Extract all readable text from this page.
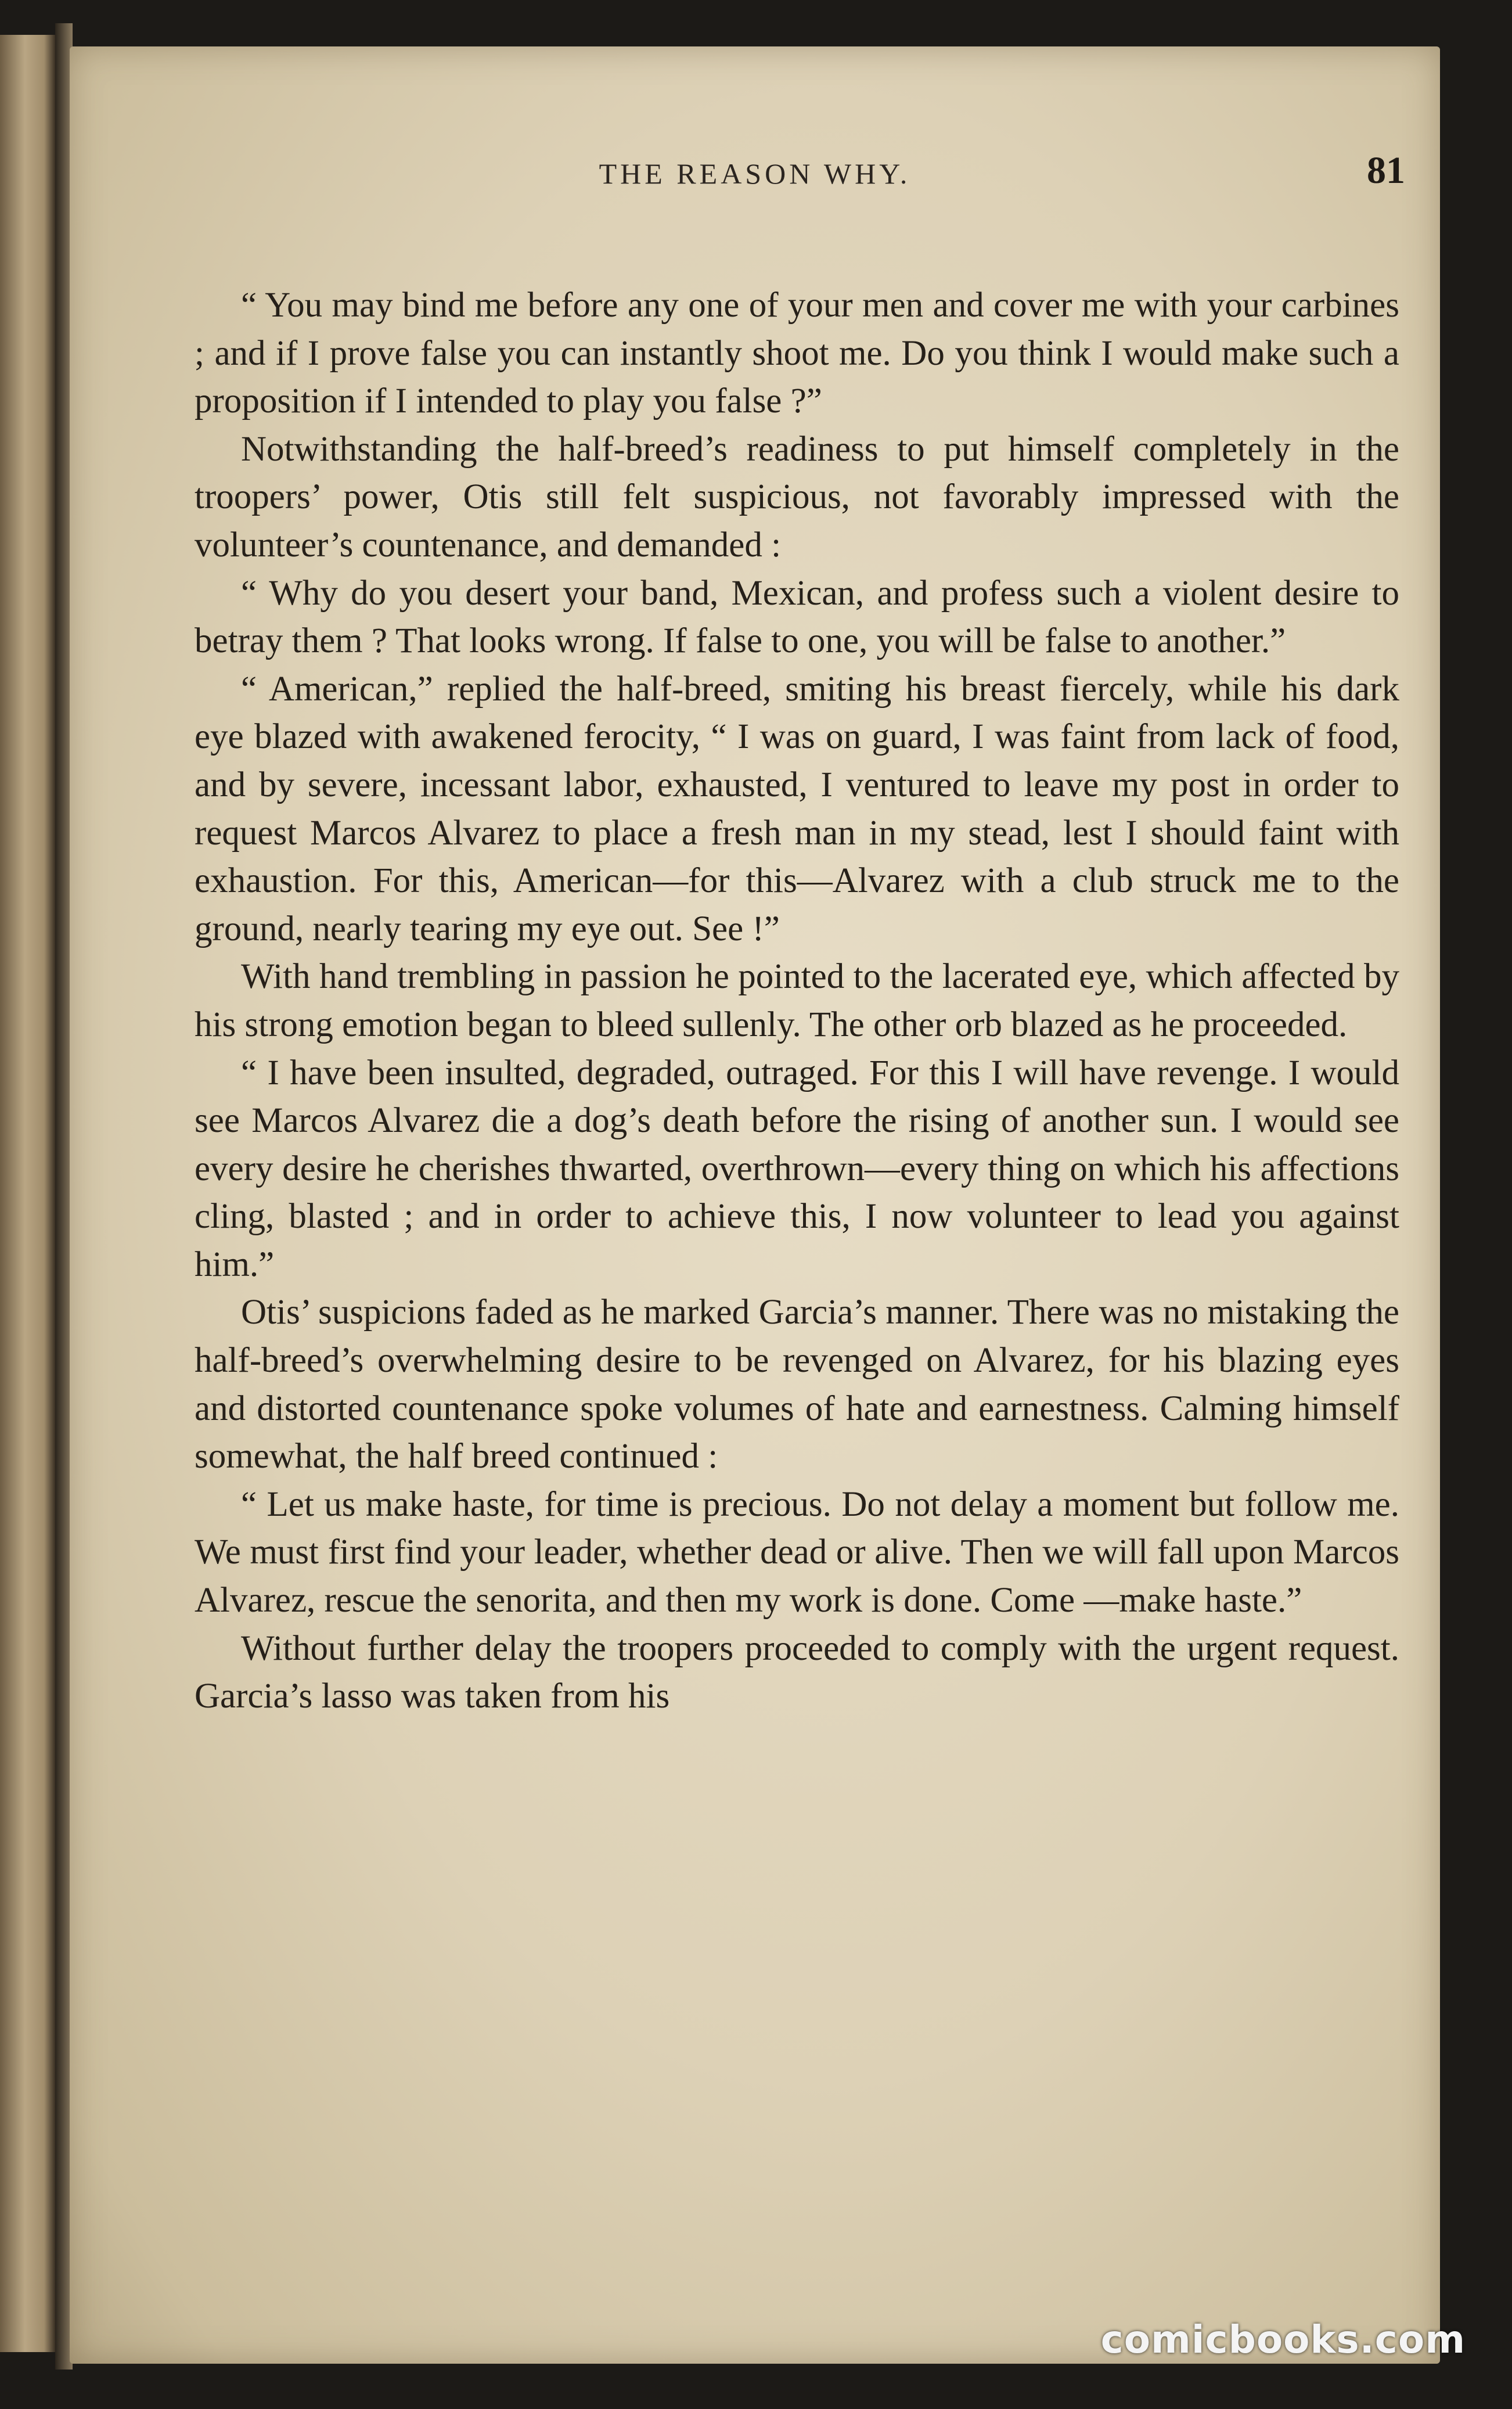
THE REASON WHY.	81

“ You may bind me before any one of your men and cover me with your carbines ; and if I prove false you can instantly shoot me. Do you think I would make such a proposition if I intended to play you false ?”

Notwithstanding the half-breed’s readiness to put himself completely in the troopers’ power, Otis still felt suspicious, not favorably impressed with the volunteer’s countenance, and demanded :

“ Why do you desert your band, Mexican, and profess such a violent desire to betray them ? That looks wrong. If false to one, you will be false to another.”

“ American,” replied the half-breed, smiting his breast fiercely, while his dark eye blazed with awakened ferocity, “ I was on guard, I was faint from lack of food, and by severe, incessant labor, exhausted, I ventured to leave my post in order to request Marcos Alvarez to place a fresh man in my stead, lest I should faint with exhaustion. For this, American—for this—Alvarez with a club struck me to the ground, nearly tearing my eye out. See !”

With hand trembling in passion he pointed to the lacerated eye, which affected by his strong emotion began to bleed sullenly. The other orb blazed as he proceeded.

“ I have been insulted, degraded, outraged. For this I will have revenge. I would see Marcos Alvarez die a dog’s death before the rising of another sun. I would see every desire he cherishes thwarted, overthrown—every thing on which his affections cling, blasted ; and in order to achieve this, I now volunteer to lead you against him.”

Otis’ suspicions faded as he marked Garcia’s manner. There was no mistaking the half-breed’s overwhelming desire to be revenged on Alvarez, for his blazing eyes and distorted countenance spoke volumes of hate and earnestness. Calming himself somewhat, the half breed continued :

“ Let us make haste, for time is precious. Do not delay a moment but follow me. We must first find your leader, whether dead or alive. Then we will fall upon Marcos Alvarez, rescue the senorita, and then my work is done. Come —make haste.”

Without further delay the troopers proceeded to comply with the urgent request. Garcia’s lasso was taken from his

comicbooks.com
